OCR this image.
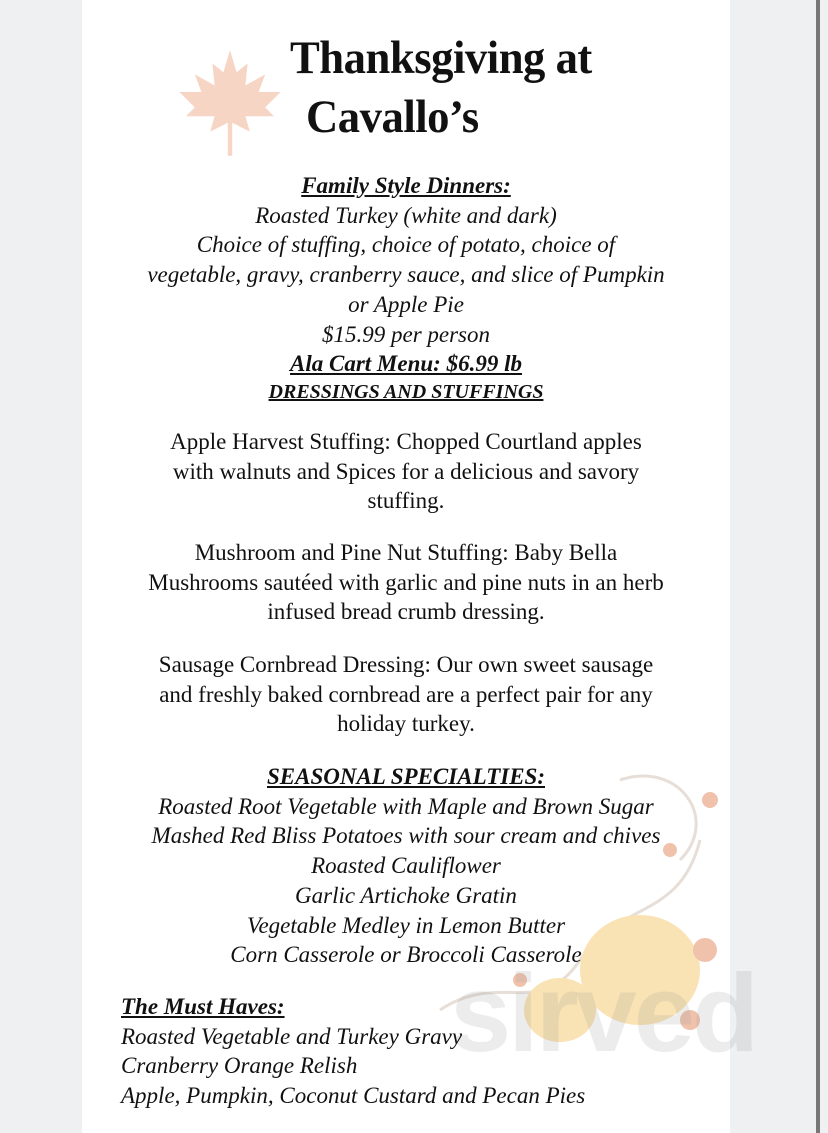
sirved
Thanksgiving at
Cavallo’s

Family Style Dinners:

Roasted Turkey (white and dark)

Choice of stuffing, choice of potato, choice of

vegetable, gravy, cranberry sauce, and slice of Pumpkin

or Apple Pie

$15.99 per person

Ala Cart Menu: $6.99 lb

DRESSINGS AND STUFFINGS

Apple Harvest Stuffing: Chopped Courtland apples

with walnuts and Spices for a delicious and savory

stuffing.

Mushroom and Pine Nut Stuffing: Baby Bella

Mushrooms sautéed with garlic and pine nuts in an herb

infused bread crumb dressing.

Sausage Cornbread Dressing: Our own sweet sausage

and freshly baked cornbread are a perfect pair for any

holiday turkey.

SEASONAL SPECIALTIES:

Roasted Root Vegetable with Maple and Brown Sugar

Mashed Red Bliss Potatoes with sour cream and chives

Roasted Cauliflower

Garlic Artichoke Gratin

Vegetable Medley in Lemon Butter

Corn Casserole or Broccoli Casserole

The Must Haves:

Roasted Vegetable and Turkey Gravy

Cranberry Orange Relish

Apple, Pumpkin, Coconut Custard and Pecan Pies
